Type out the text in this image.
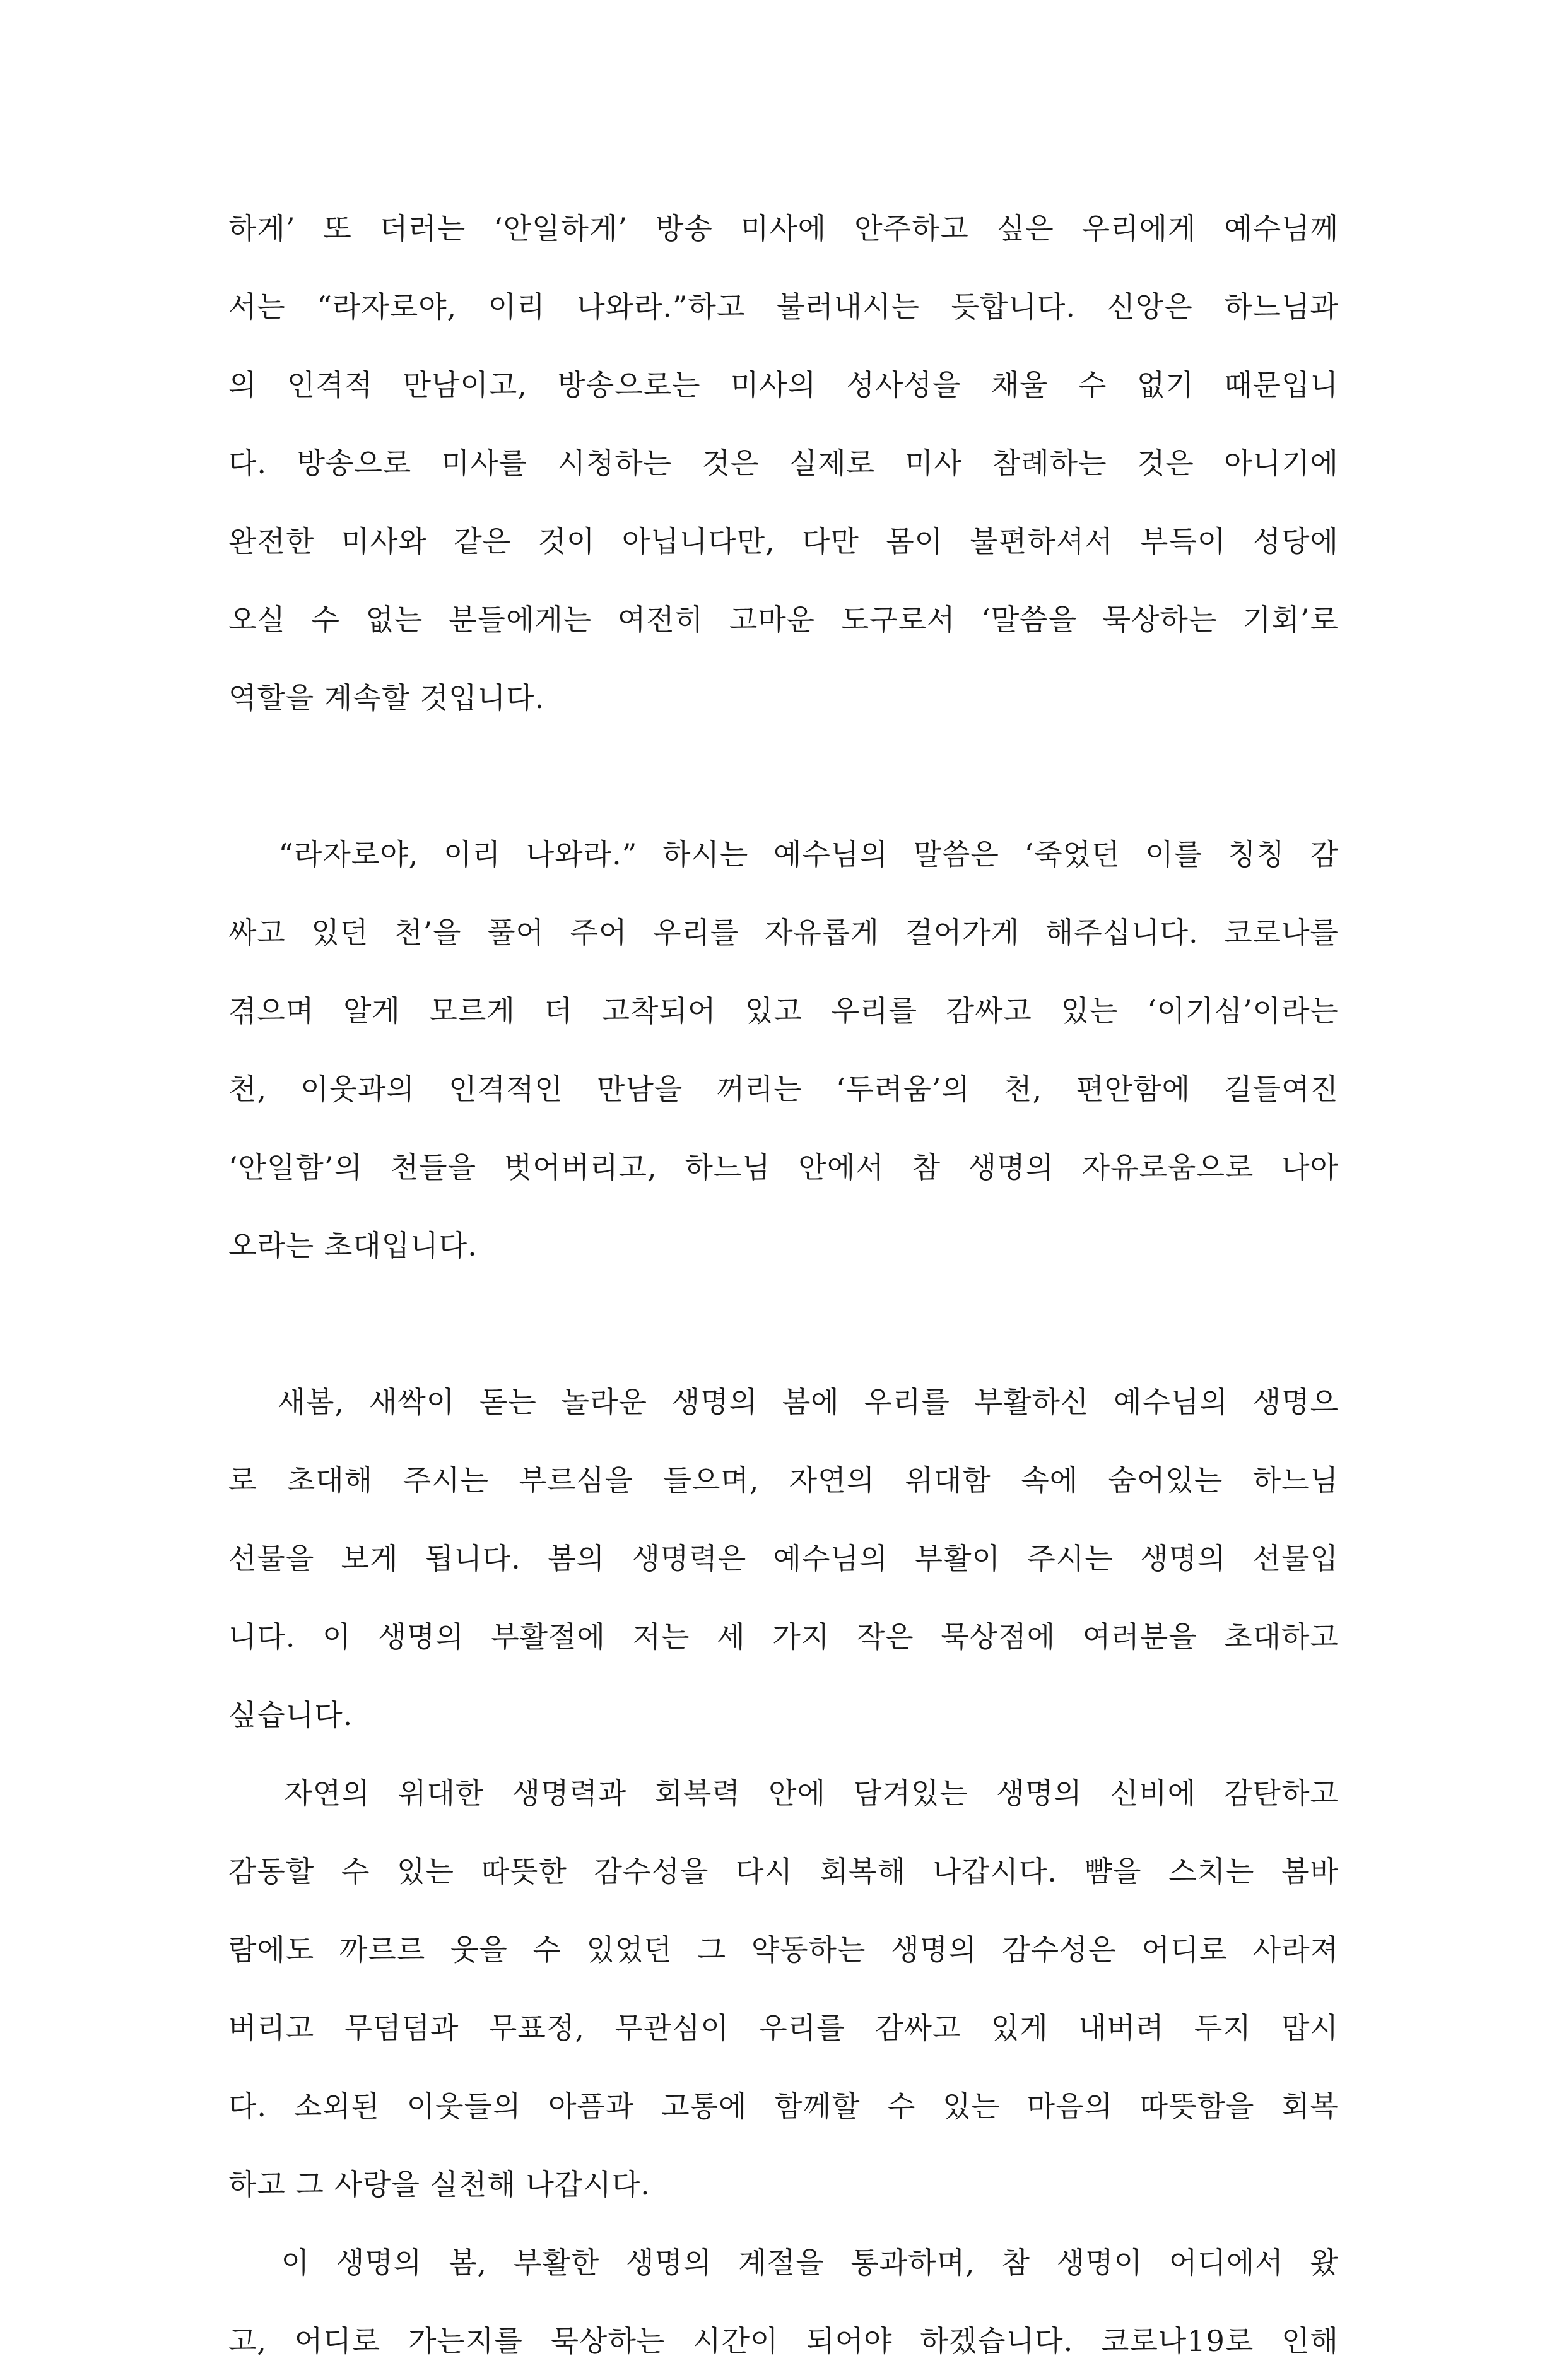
하게’ 또 더러는 ‘안일하게’ 방송 미사에 안주하고 싶은 우리에게 예수님께
서는 “라자로야, 이리 나와라.”하고 불러내시는 듯합니다. 신앙은 하느님과
의 인격적 만남이고, 방송으로는 미사의 성사성을 채울 수 없기 때문입니
다. 방송으로 미사를 시청하는 것은 실제로 미사 참례하는 것은 아니기에
완전한 미사와 같은 것이 아닙니다만, 다만 몸이 불편하셔서 부득이 성당에
오실 수 없는 분들에게는 여전히 고마운 도구로서 ‘말씀을 묵상하는 기회’로
역할을 계속할 것입니다.
“라자로야, 이리 나와라.” 하시는 예수님의 말씀은 ‘죽었던 이를 칭칭 감
싸고 있던 천’을 풀어 주어 우리를 자유롭게 걸어가게 해주십니다. 코로나를
겪으며 알게 모르게 더 고착되어 있고 우리를 감싸고 있는 ‘이기심’이라는
천, 이웃과의 인격적인 만남을 꺼리는 ‘두려움’의 천, 편안함에 길들여진
‘안일함’의 천들을 벗어버리고, 하느님 안에서 참 생명의 자유로움으로 나아
오라는 초대입니다.
새봄, 새싹이 돋는 놀라운 생명의 봄에 우리를 부활하신 예수님의 생명으
로 초대해 주시는 부르심을 들으며, 자연의 위대함 속에 숨어있는 하느님
선물을 보게 됩니다. 봄의 생명력은 예수님의 부활이 주시는 생명의 선물입
니다. 이 생명의 부활절에 저는 세 가지 작은 묵상점에 여러분을 초대하고
싶습니다.
자연의 위대한 생명력과 회복력 안에 담겨있는 생명의 신비에 감탄하고
감동할 수 있는 따뜻한 감수성을 다시 회복해 나갑시다. 뺨을 스치는 봄바
람에도 까르르 웃을 수 있었던 그 약동하는 생명의 감수성은 어디로 사라져
버리고 무덤덤과 무표정, 무관심이 우리를 감싸고 있게 내버려 두지 맙시
다. 소외된 이웃들의 아픔과 고통에 함께할 수 있는 마음의 따뜻함을 회복
하고 그 사랑을 실천해 나갑시다.
이 생명의 봄, 부활한 생명의 계절을 통과하며, 참 생명이 어디에서 왔
고, 어디로 가는지를 묵상하는 시간이 되어야 하겠습니다. 코로나19로 인해
